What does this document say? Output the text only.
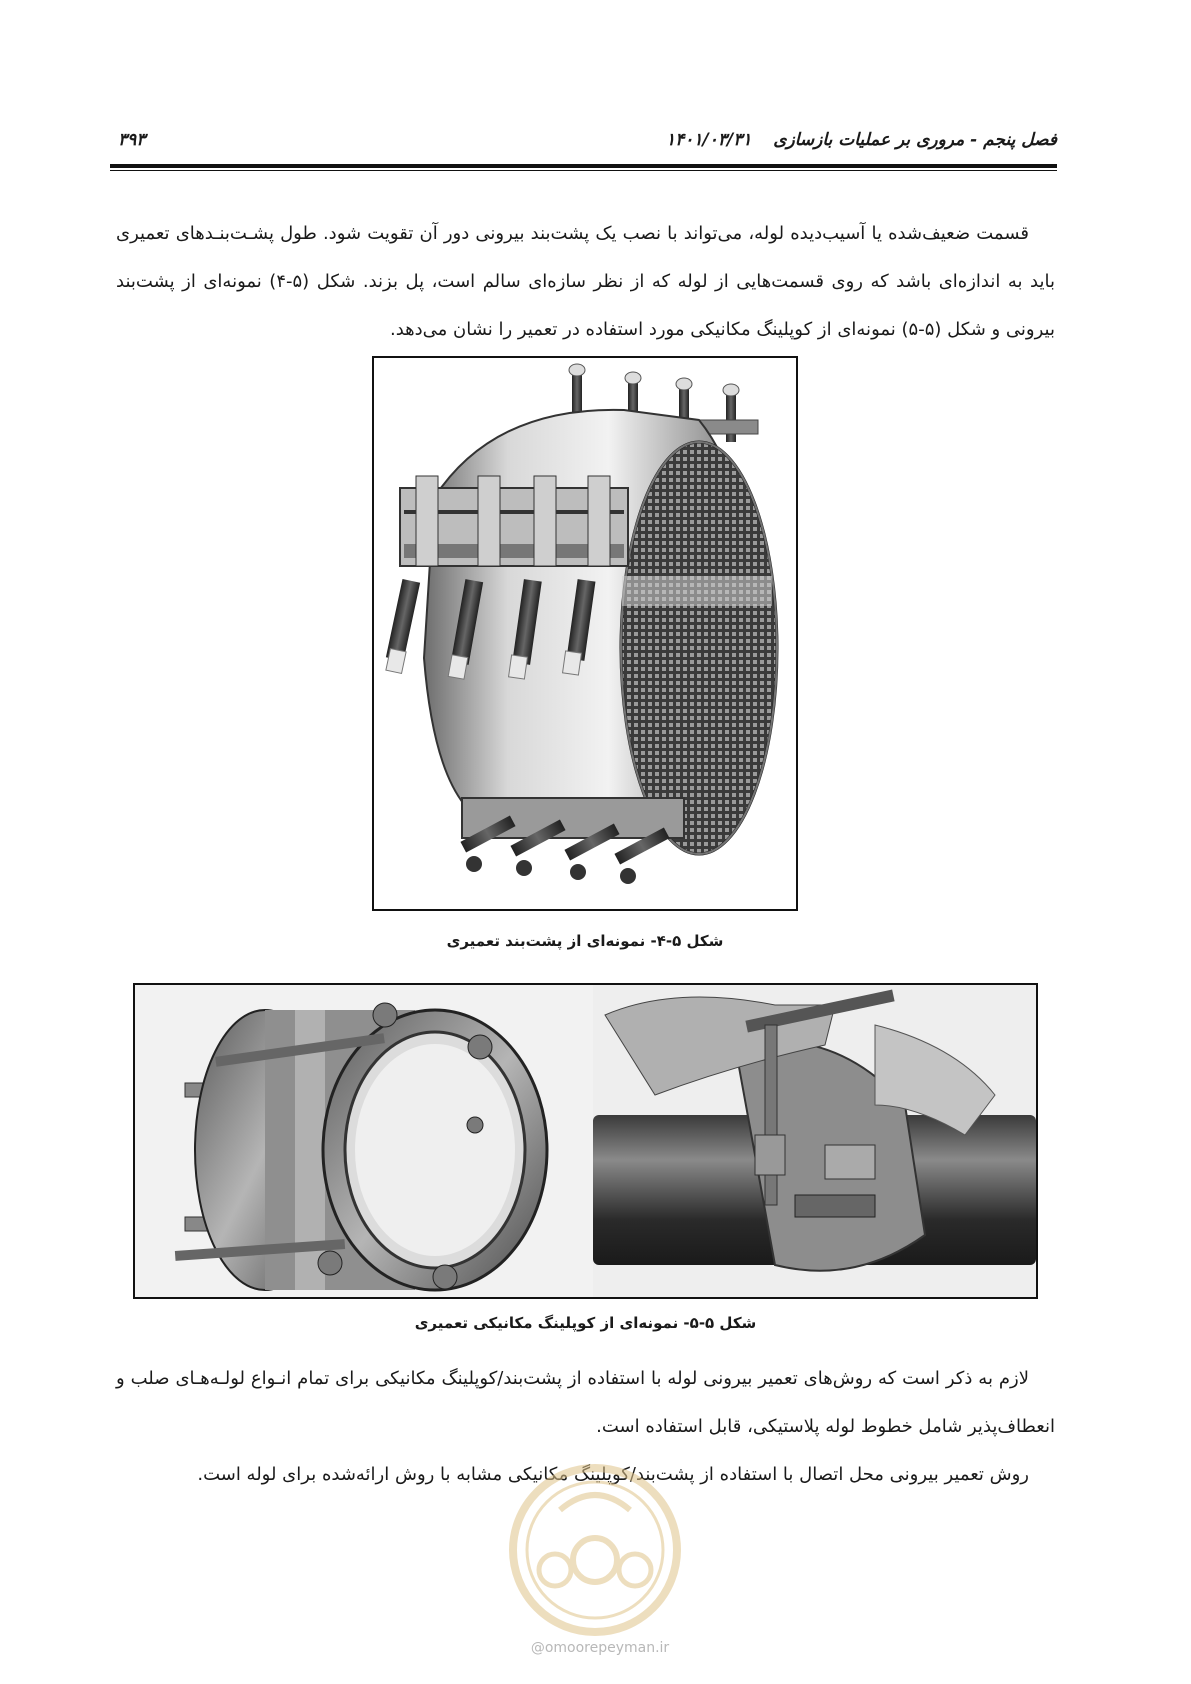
۳۹۳	۱۴۰۱/۰۳/۳۱ فصل پنجم - مروری بر عملیات بازسازی

قسمت ضعیف‌شده یا آسیب‌دیده لوله، می‌تواند با نصب یک پشت‌بند بیرونی دور آن تقویت شود. طول پشـت‌بنـدهای تعمیری باید به اندازه‌ای باشد که روی قسمت‌هایی از لوله که از نظر سازه‌ای سالم است، پل بزند. شکل (۵-۴) نمونه‌ای از پشت‌بند بیرونی و شکل (۵-۵) نمونه‌ای از کوپلینگ مکانیکی مورد استفاده در تعمیر را نشان می‌دهد.

شکل ۵-۴- نمونه‌ای از پشت‌بند تعمیری
شکل ۵-۵- نمونه‌ای از کوپلینگ مکانیکی تعمیری

لازم به ذکر است که روش‌های تعمیر بیرونی لوله با استفاده از پشت‌بند/کوپلینگ مکانیکی برای تمام انـواع لولـه‌هـای صلب و انعطاف‌پذیر شامل خطوط لوله پلاستیکی، قابل استفاده است.

روش تعمیر بیرونی محل اتصال با استفاده از پشت‌بند/کوپلینگ مکانیکی مشابه با روش ارائه‌شده برای لوله است.

@omoorepeyman.ir
